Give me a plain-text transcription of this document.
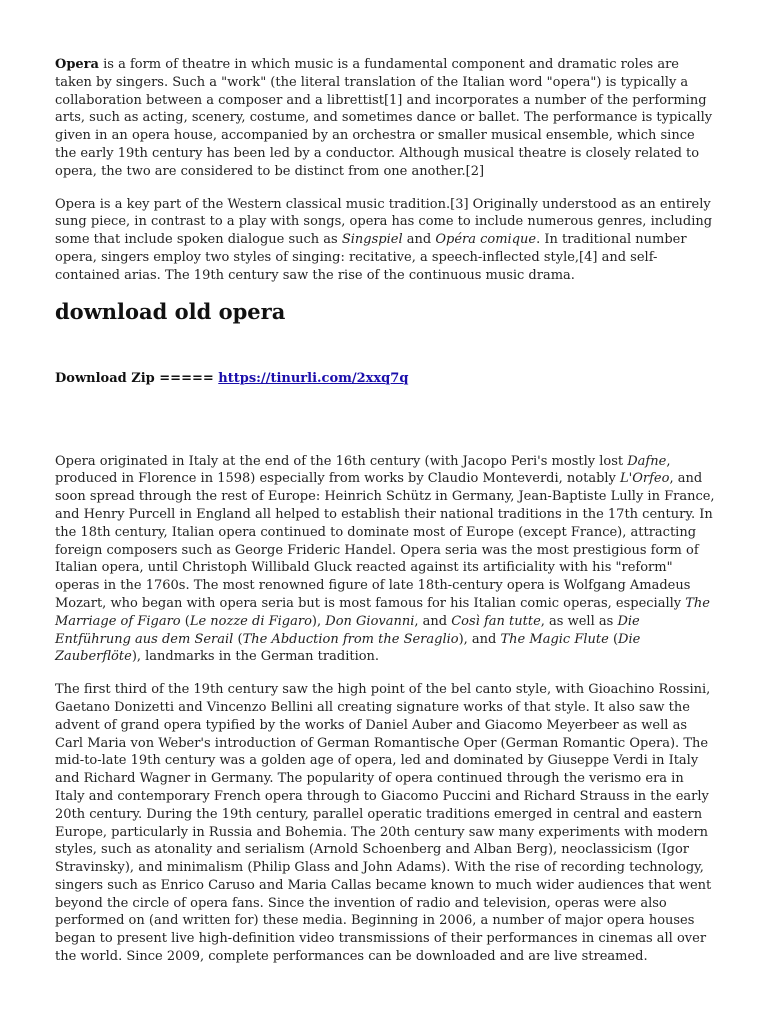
Opera is a form of theatre in which music is a fundamental component and dramatic roles are taken by singers. Such a "work" (the literal translation of the Italian word "opera") is typically a collaboration between a composer and a librettist[1] and incorporates a number of the performing arts, such as acting, scenery, costume, and sometimes dance or ballet. The performance is typically given in an opera house, accompanied by an orchestra or smaller musical ensemble, which since the early 19th century has been led by a conductor. Although musical theatre is closely related to opera, the two are considered to be distinct from one another.[2]

Opera is a key part of the Western classical music tradition.[3] Originally understood as an entirely sung piece, in contrast to a play with songs, opera has come to include numerous genres, including some that include spoken dialogue such as Singspiel and Opéra comique. In traditional number opera, singers employ two styles of singing: recitative, a speech-inflected style,[4] and self-contained arias. The 19th century saw the rise of the continuous music drama.

download old opera

Download Zip ===== https://tinurli.com/2xxq7q

Opera originated in Italy at the end of the 16th century (with Jacopo Peri's mostly lost Dafne, produced in Florence in 1598) especially from works by Claudio Monteverdi, notably L'Orfeo, and soon spread through the rest of Europe: Heinrich Schütz in Germany, Jean-Baptiste Lully in France, and Henry Purcell in England all helped to establish their national traditions in the 17th century. In the 18th century, Italian opera continued to dominate most of Europe (except France), attracting foreign composers such as George Frideric Handel. Opera seria was the most prestigious form of Italian opera, until Christoph Willibald Gluck reacted against its artificiality with his "reform" operas in the 1760s. The most renowned figure of late 18th-century opera is Wolfgang Amadeus Mozart, who began with opera seria but is most famous for his Italian comic operas, especially The Marriage of Figaro (Le nozze di Figaro), Don Giovanni, and Così fan tutte, as well as Die Entführung aus dem Serail (The Abduction from the Seraglio), and The Magic Flute (Die Zauberflöte), landmarks in the German tradition.

The first third of the 19th century saw the high point of the bel canto style, with Gioachino Rossini, Gaetano Donizetti and Vincenzo Bellini all creating signature works of that style. It also saw the advent of grand opera typified by the works of Daniel Auber and Giacomo Meyerbeer as well as Carl Maria von Weber's introduction of German Romantische Oper (German Romantic Opera). The mid-to-late 19th century was a golden age of opera, led and dominated by Giuseppe Verdi in Italy and Richard Wagner in Germany. The popularity of opera continued through the verismo era in Italy and contemporary French opera through to Giacomo Puccini and Richard Strauss in the early 20th century. During the 19th century, parallel operatic traditions emerged in central and eastern Europe, particularly in Russia and Bohemia. The 20th century saw many experiments with modern styles, such as atonality and serialism (Arnold Schoenberg and Alban Berg), neoclassicism (Igor Stravinsky), and minimalism (Philip Glass and John Adams). With the rise of recording technology, singers such as Enrico Caruso and Maria Callas became known to much wider audiences that went beyond the circle of opera fans. Since the invention of radio and television, operas were also performed on (and written for) these media. Beginning in 2006, a number of major opera houses began to present live high-definition video transmissions of their performances in cinemas all over the world. Since 2009, complete performances can be downloaded and are live streamed.
